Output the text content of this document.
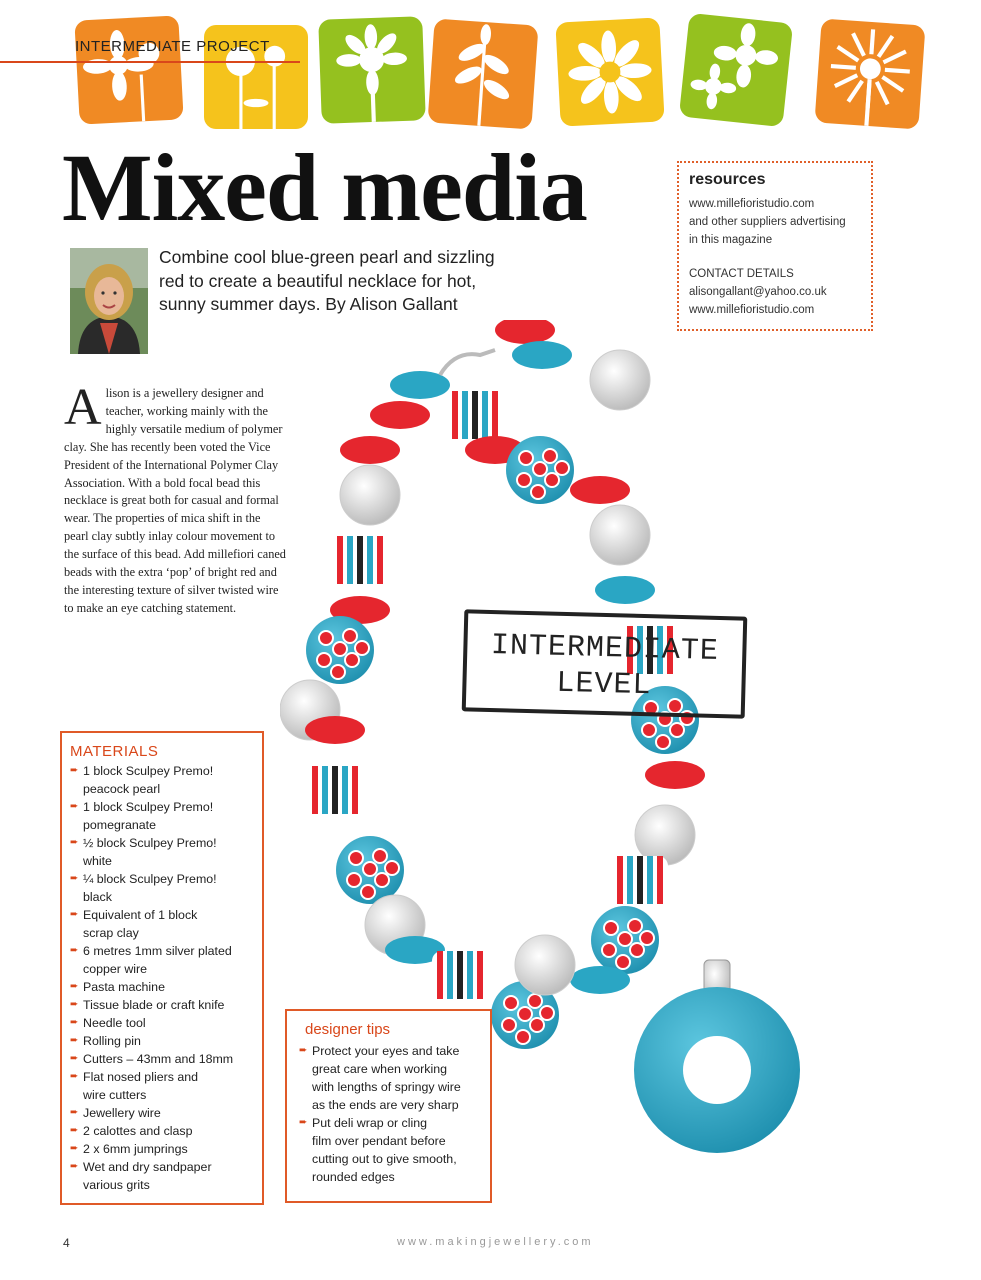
INTERMEDIATE PROJECT
Mixed media	resources

www.millefioristudio.com

and other suppliers advertising

in this magazine

CONTACT DETAILS

alisongallant@yahoo.co.uk

www.millefioristudio.com

Combine cool blue-green pearl and sizzling red to create a beautiful necklace for hot, sunny summer days. By Alison Gallant
Alison is a jewellery designer and teacher, working mainly with the highly versatile medium of polymer clay. She has recently been voted the Vice President of the International Polymer Clay Association. With a bold focal bead this necklace is great both for casual and formal wear. The properties of mica shift in the pearl clay subtly inlay colour movement to the surface of this bead. Add millefiori caned beads with the extra ‘pop’ of bright red and the interesting texture of silver twisted wire to make an eye catching statement.
INTERMEDIATE
LEVEL
MATERIALS
➨ 1 block Sculpey Premo!
peacock pearl
➨ 1 block Sculpey Premo!
pomegranate
➨ ½ block Sculpey Premo!
white
➨ ¼ block Sculpey Premo!
black
➨ Equivalent of 1 block
scrap clay
➨ 6 metres 1mm silver plated
copper wire
➨ Pasta machine
➨ Tissue blade or craft knife
➨ Needle tool
➨ Rolling pin
➨ Cutters – 43mm and 18mm
➨ Flat nosed pliers and
wire cutters
➨ Jewellery wire
➨ 2 calottes and clasp
➨ 2 x 6mm jumprings
➨ Wet and dry sandpaper
various grits
designer tips
➨ Protect your eyes and take
great care when working
with lengths of springy wire
as the ends are very sharp
➨ Put deli wrap or cling
film over pendant before
cutting out to give smooth,
rounded edges
4	www.makingjewellery.com
